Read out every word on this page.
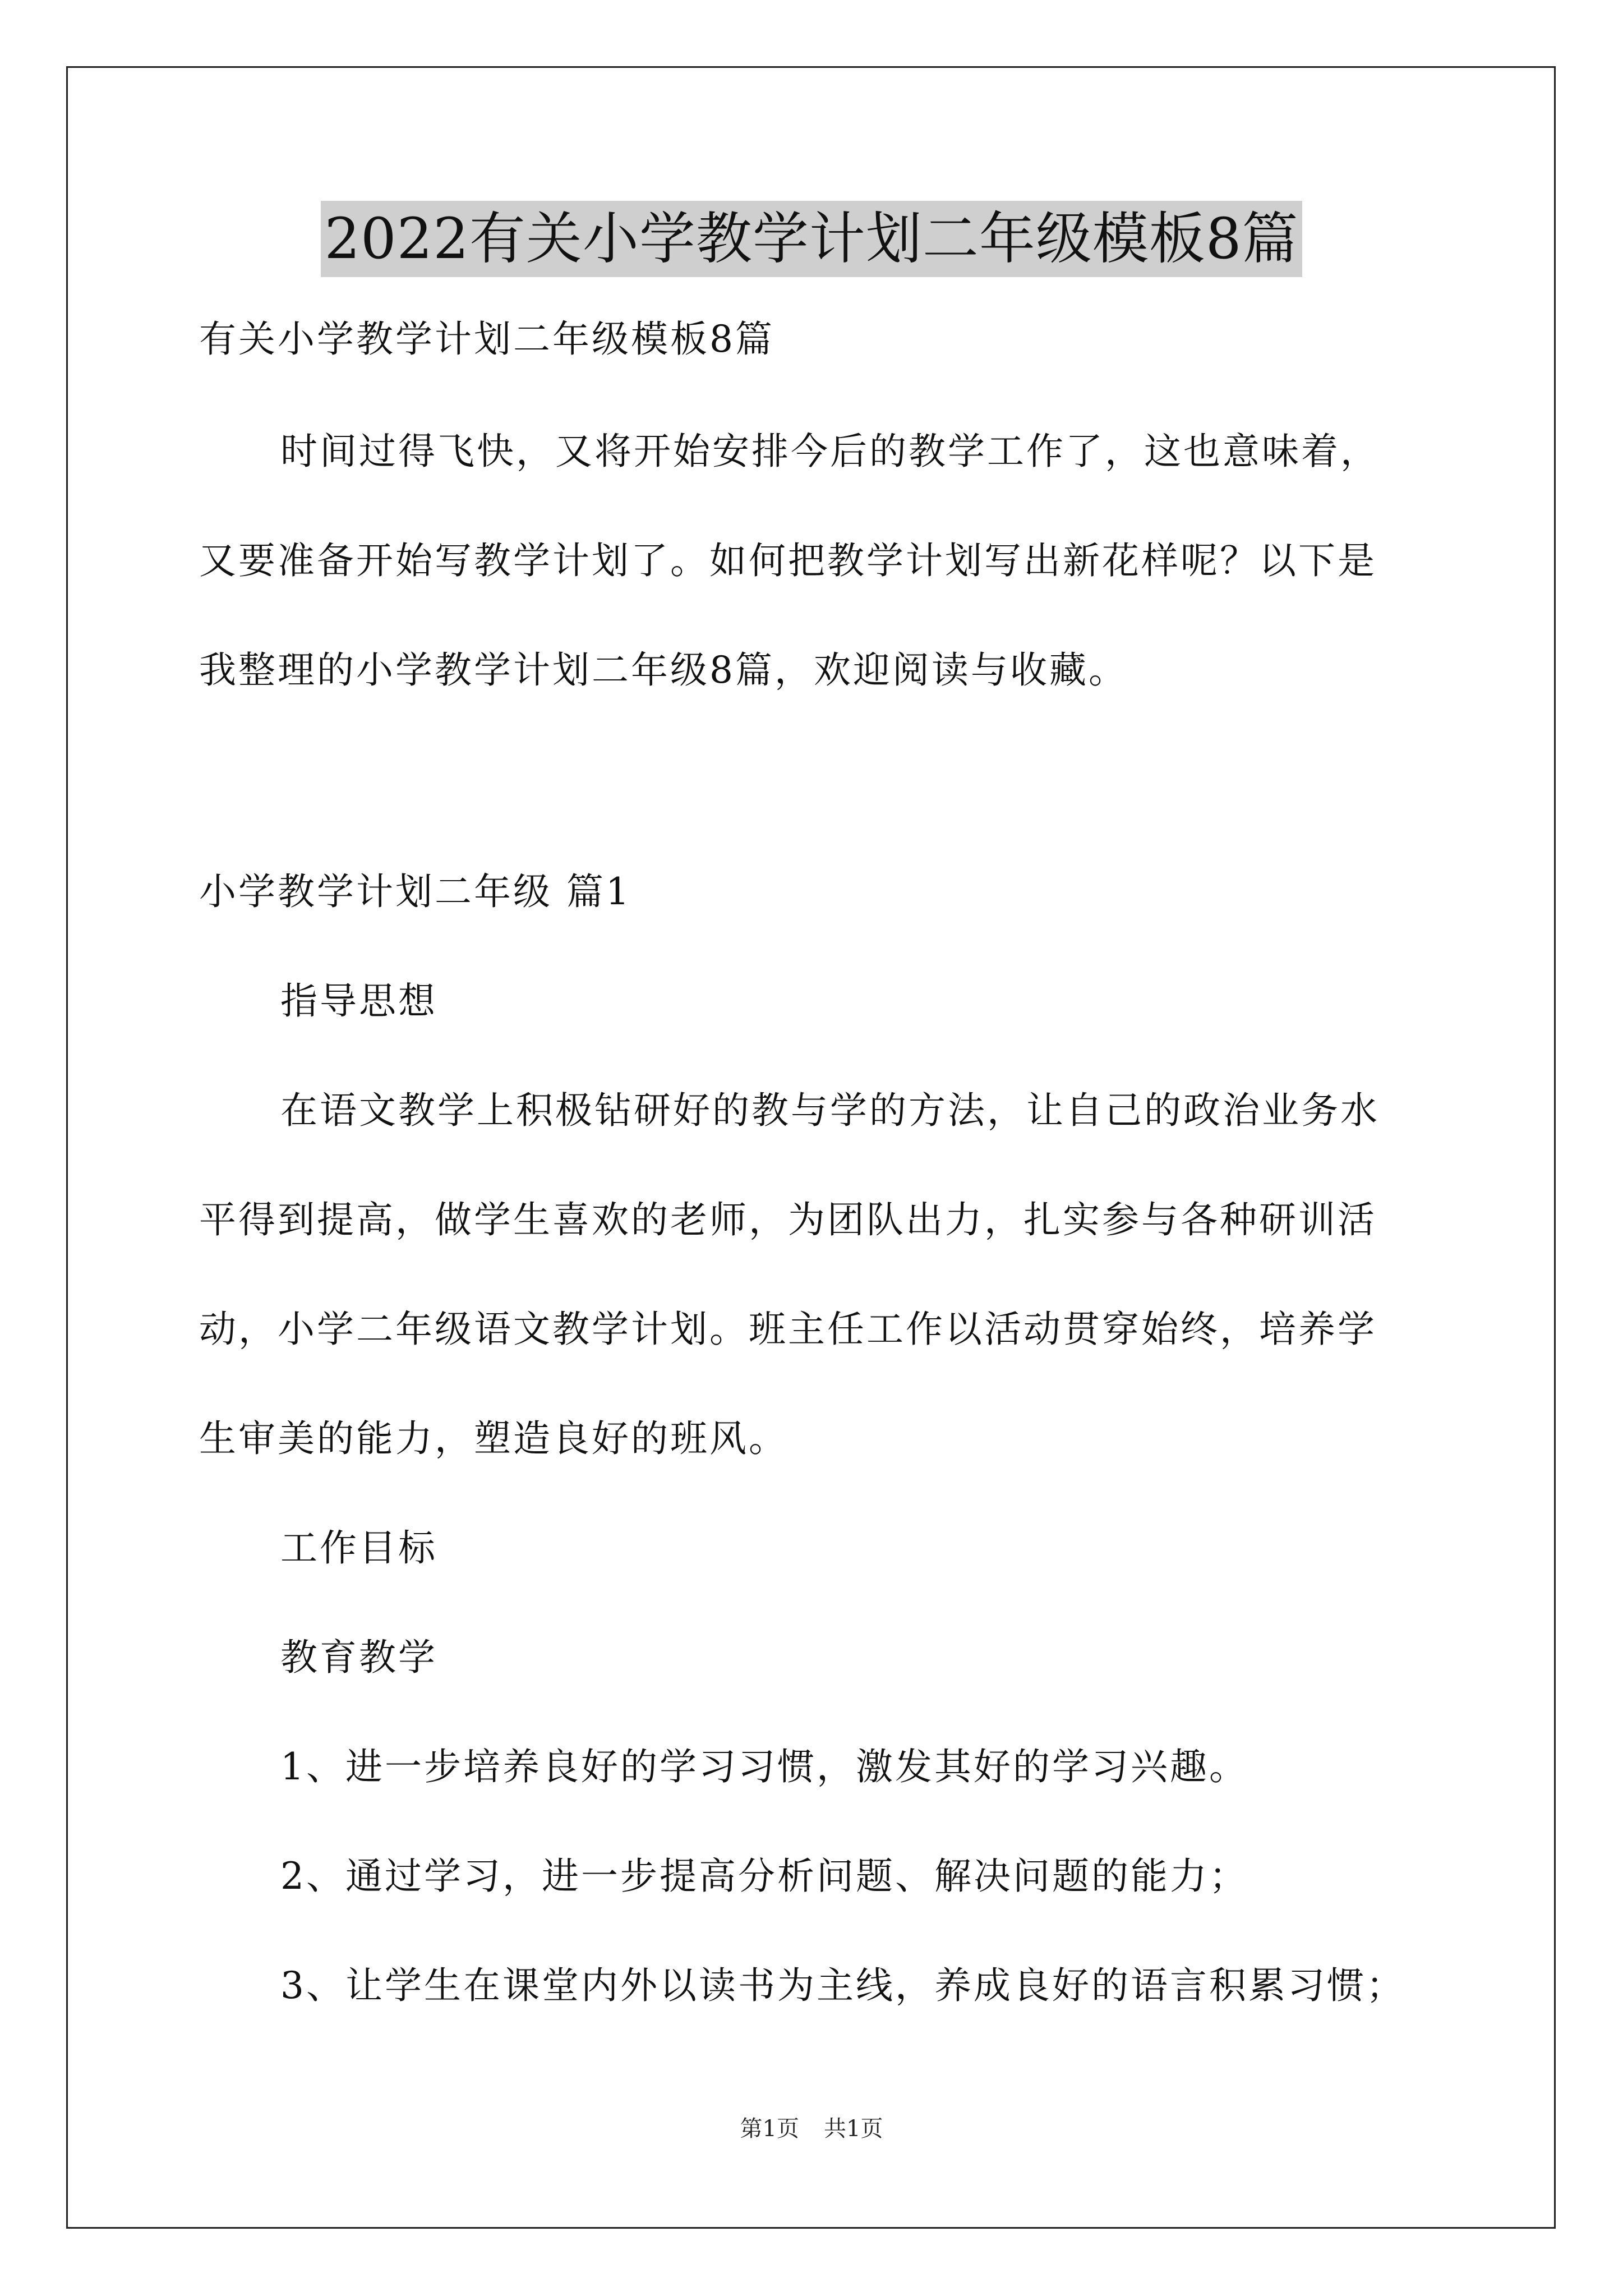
2022有关小学教学计划二年级模板8篇

有关小学教学计划二年级模板8篇

时间过得飞快，又将开始安排今后的教学工作了，这也意味着，

又要准备开始写教学计划了。如何把教学计划写出新花样呢？以下是

我整理的小学教学计划二年级8篇，欢迎阅读与收藏。

小学教学计划二年级 篇1

指导思想

在语文教学上积极钻研好的教与学的方法，让自己的政治业务水

平得到提高，做学生喜欢的老师，为团队出力，扎实参与各种研训活

动，小学二年级语文教学计划。班主任工作以活动贯穿始终，培养学

生审美的能力，塑造良好的班风。

工作目标

教育教学

1、进一步培养良好的学习习惯，激发其好的学习兴趣。

2、通过学习，进一步提高分析问题、解决问题的能力；

3、让学生在课堂内外以读书为主线，养成良好的语言积累习惯；

第1页 共1页
